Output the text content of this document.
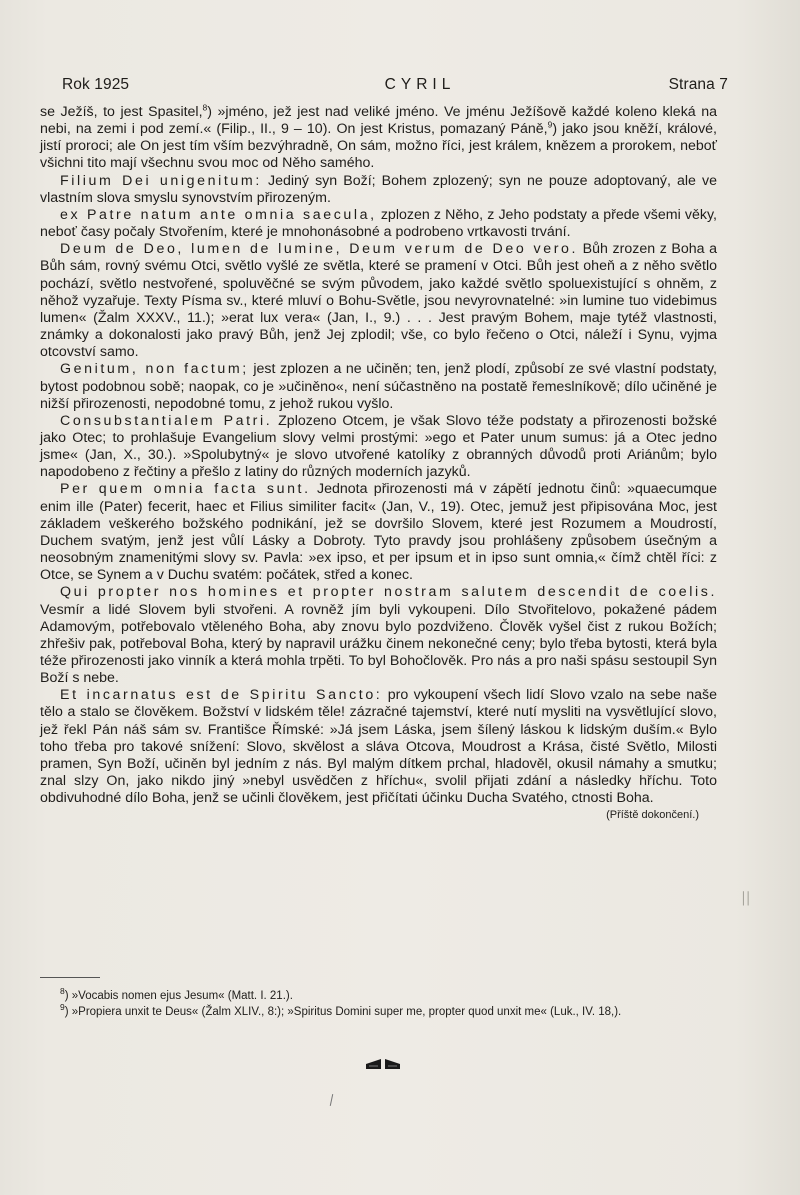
Rok 1925	CYRIL	Strana 7

se Ježíš, to jest Spasitel,$^8$) »jméno, jež jest nad veliké jméno. Ve jménu Ježíšově každé koleno kleká na nebi, na zemi i pod zemí.« (Filip., II., 9 – 10). On jest Kristus, pomazaný Páně,$^9$) jako jsou kněží, králové, jistí proroci; ale On jest tím vším bezvýhradně, On sám, možno říci, jest králem, knězem a prorokem, neboť všichni tito mají všechnu svou moc od Něho samého.

Filium Dei unigenitum: Jediný syn Boží; Bohem zplozený; syn ne pouze adoptovaný, ale ve vlastním slova smyslu synovstvím přirozeným.

ex Patre natum ante omnia saecula, zplozen z Něho, z Jeho podstaty a přede všemi věky, neboť časy počaly Stvořením, které je mnohonásobné a podrobeno vrtkavosti trvání.

Deum de Deo, lumen de lumine, Deum verum de Deo vero. Bůh zrozen z Boha a Bůh sám, rovný svému Otci, světlo vyšlé ze světla, které se pramení v Otci. Bůh jest oheň a z něho světlo pochází, světlo nestvořené, spoluvěčné se svým původem, jako každé světlo spoluexistující s ohněm, z něhož vyzařuje. Texty Písma sv., které mluví o Bohu-Světle, jsou nevyrovnatelné: »in lumine tuo videbimus lumen« (Žalm XXXV., 11.); »erat lux vera« (Jan, I., 9.) . . . Jest pravým Bohem, maje tytéž vlastnosti, známky a dokonalosti jako pravý Bůh, jenž Jej zplodil; vše, co bylo řečeno o Otci, náleží i Synu, vyjma otcovství samo.

Genitum, non factum; jest zplozen a ne učiněn; ten, jenž plodí, způsobí ze své vlastní podstaty, bytost podobnou sobě; naopak, co je »učiněno«, není súčastněno na postatě řemeslníkově; dílo učiněné je nižší přirozenosti, nepodobné tomu, z jehož rukou vyšlo.

Consubstantialem Patri. Zplozeno Otcem, je však Slovo téže podstaty a přirozenosti božské jako Otec; to prohlašuje Evangelium slovy velmi prostými: »ego et Pater unum sumus: já a Otec jedno jsme« (Jan, X., 30.). »Spolubytný« je slovo utvořené katolíky z obranných důvodů proti Ariánům; bylo napodobeno z řečtiny a přešlo z latiny do různých moderních jazyků.

Per quem omnia facta sunt. Jednota přirozenosti má v zápětí jednotu činů: »quaecumque enim ille (Pater) fecerit, haec et Filius similiter facit« (Jan, V., 19). Otec, jemuž jest připisována Moc, jest základem veškerého božského podnikání, jež se dovršilo Slovem, které jest Rozumem a Moudrostí, Duchem svatým, jenž jest vůlí Lásky a Dobroty. Tyto pravdy jsou prohlášeny způsobem úsečným a neosobným znamenitými slovy sv. Pavla: »ex ipso, et per ipsum et in ipso sunt omnia,« čímž chtěl říci: z Otce, se Synem a v Duchu svatém: počátek, střed a konec.

Qui propter nos homines et propter nostram salutem descendit de coelis. Vesmír a lidé Slovem byli stvořeni. A rovněž jím byli vykoupeni. Dílo Stvořitelovo, pokažené pádem Adamovým, potřebovalo vtěleného Boha, aby znovu bylo pozdviženo. Člověk vyšel čist z rukou Božích; zhřešiv pak, potřeboval Boha, který by napravil urážku činem nekonečné ceny; bylo třeba bytosti, která byla téže přirozenosti jako vinník a která mohla trpěti. To byl Bohočlověk. Pro nás a pro naši spásu sestoupil Syn Boží s nebe.

Et incarnatus est de Spiritu Sancto: pro vykoupení všech lidí Slovo vzalo na sebe naše tělo a stalo se člověkem. Božství v lidském těle! zázračné tajemství, které nutí mysliti na vysvětlující slovo, jež řekl Pán náš sám sv. Františce Římské: »Já jsem Láska, jsem šílený láskou k lidským duším.« Bylo toho třeba pro takové snížení: Slovo, skvělost a sláva Otcova, Moudrost a Krása, čisté Světlo, Milosti pramen, Syn Boží, učiněn byl jedním z nás. Byl malým dítkem prchal, hladověl, okusil námahy a smutku; znal slzy On, jako nikdo jiný »nebyl usvědčen z hříchu«, svolil přijati zdání a následky hříchu. Toto obdivuhodné dílo Boha, jenž se učinli člověkem, jest přičítati účinku Ducha Svatého, ctnosti Boha.
(Příště dokončení.)

$^8$) »Vocabis nomen ejus Jesum« (Matt. I. 21.).

$^9$) »Propiera unxit te Deus« (Žalm XLIV., 8:); »Spiritus Domini super me, propter quod unxit me« (Luk., IV. 18,).

׀׀
